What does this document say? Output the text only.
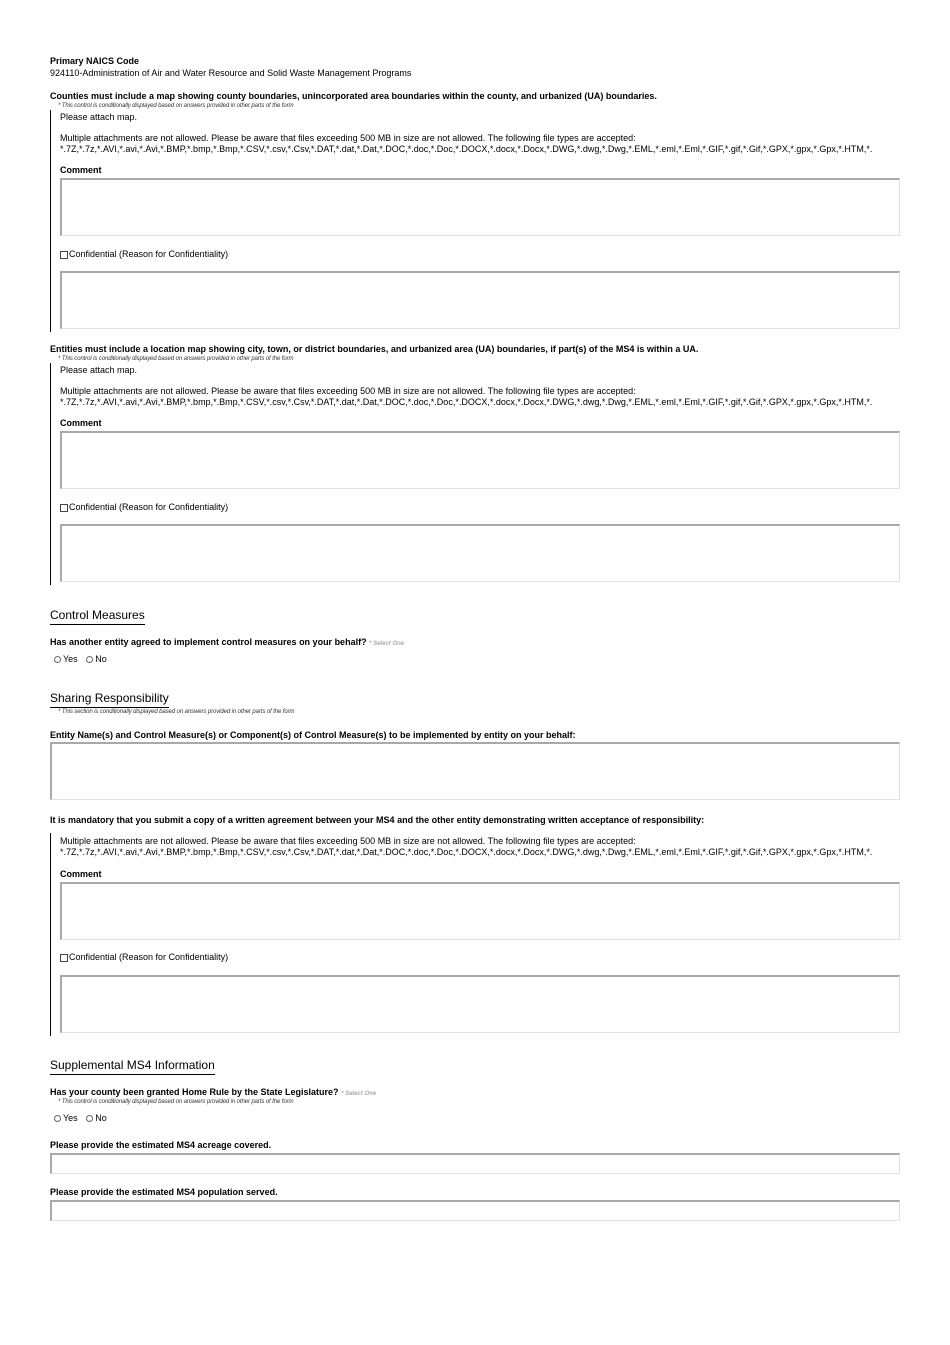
Primary NAICS Code
924110-Administration of Air and Water Resource and Solid Waste Management Programs
Counties must include a map showing county boundaries, unincorporated area boundaries within the county, and urbanized (UA) boundaries.
* This control is conditionally displayed based on answers provided in other parts of the form
Please attach map.
Multiple attachments are not allowed. Please be aware that files exceeding 500 MB in size are not allowed. The following file types are accepted:
*.7Z,*.7z,*.AVI,*.avi,*.Avi,*.BMP,*.bmp,*.Bmp,*.CSV,*.csv,*.Csv,*.DAT,*.dat,*.Dat,*.DOC,*.doc,*.Doc,*.DOCX,*.docx,*.Docx,*.DWG,*.dwg,*.Dwg,*.EML,*.eml,*.Eml,*.GIF,*.gif,*.Gif,*.GPX,*.gpx,*.Gpx,*.HTM,*.
Comment
Confidential (Reason for Confidentiality)
Entities must include a location map showing city, town, or district boundaries, and urbanized area (UA) boundaries, if part(s) of the MS4 is within a UA.
* This control is conditionally displayed based on answers provided in other parts of the form
Please attach map.
Multiple attachments are not allowed. Please be aware that files exceeding 500 MB in size are not allowed. The following file types are accepted:
*.7Z,*.7z,*.AVI,*.avi,*.Avi,*.BMP,*.bmp,*.Bmp,*.CSV,*.csv,*.Csv,*.DAT,*.dat,*.Dat,*.DOC,*.doc,*.Doc,*.DOCX,*.docx,*.Docx,*.DWG,*.dwg,*.Dwg,*.EML,*.eml,*.Eml,*.GIF,*.gif,*.Gif,*.GPX,*.gpx,*.Gpx,*.HTM,*.
Comment
Confidential (Reason for Confidentiality)
Control Measures
Has another entity agreed to implement control measures on your behalf? * Select One
Yes No
Sharing Responsibility
* This section is conditionally displayed based on answers provided in other parts of the form
Entity Name(s) and Control Measure(s) or Component(s) of Control Measure(s) to be implemented by entity on your behalf:
It is mandatory that you submit a copy of a written agreement between your MS4 and the other entity demonstrating written acceptance of responsibility:
Multiple attachments are not allowed. Please be aware that files exceeding 500 MB in size are not allowed. The following file types are accepted:
*.7Z,*.7z,*.AVI,*.avi,*.Avi,*.BMP,*.bmp,*.Bmp,*.CSV,*.csv,*.Csv,*.DAT,*.dat,*.Dat,*.DOC,*.doc,*.Doc,*.DOCX,*.docx,*.Docx,*.DWG,*.dwg,*.Dwg,*.EML,*.eml,*.Eml,*.GIF,*.gif,*.Gif,*.GPX,*.gpx,*.Gpx,*.HTM,*.
Comment
Confidential (Reason for Confidentiality)
Supplemental MS4 Information
Has your county been granted Home Rule by the State Legislature? * Select One
* This control is conditionally displayed based on answers provided in other parts of the form
Yes No
Please provide the estimated MS4 acreage covered.
Please provide the estimated MS4 population served.
